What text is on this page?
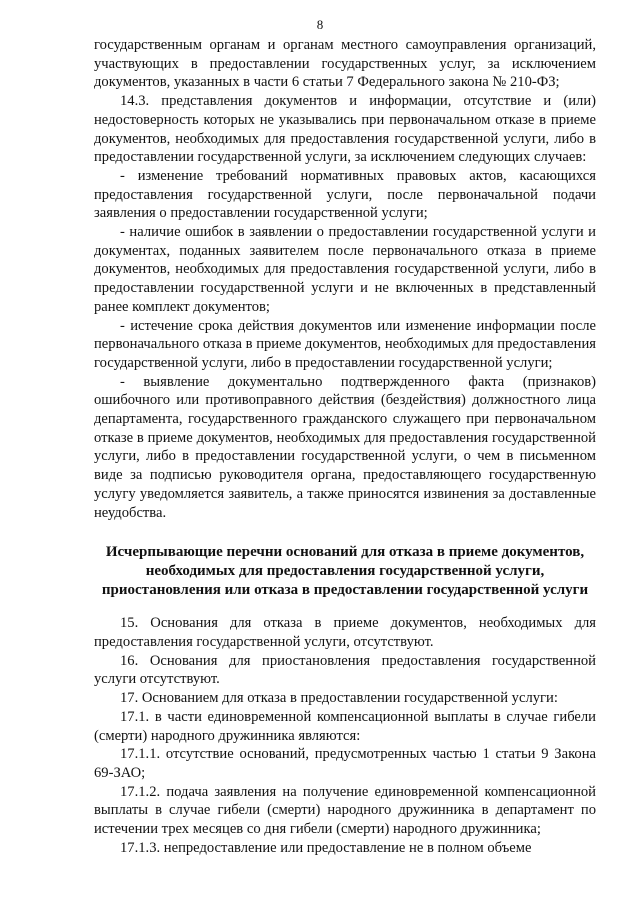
8

государственным органам и органам местного самоуправления организаций, участвующих в предоставлении государственных услуг, за исключением документов, указанных в части 6 статьи 7 Федерального закона № 210-ФЗ;

14.3. представления документов и информации, отсутствие и (или) недостоверность которых не указывались при первоначальном отказе в приеме документов, необходимых для предоставления государственной услуги, либо в предоставлении государственной услуги, за исключением следующих случаев:

- изменение требований нормативных правовых актов, касающихся предоставления государственной услуги, после первоначальной подачи заявления о предоставлении государственной услуги;

- наличие ошибок в заявлении о предоставлении государственной услуги и документах, поданных заявителем после первоначального отказа в приеме документов, необходимых для предоставления государственной услуги, либо в предоставлении государственной услуги и не включенных в представленный ранее комплект документов;

- истечение срока действия документов или изменение информации после первоначального отказа в приеме документов, необходимых для предоставления государственной услуги, либо в предоставлении государственной услуги;

- выявление документально подтвержденного факта (признаков) ошибочного или противоправного действия (бездействия) должностного лица департамента, государственного гражданского служащего при первоначальном отказе в приеме документов, необходимых для предоставления государственной услуги, либо в предоставлении государственной услуги, о чем в письменном виде за подписью руководителя органа, предоставляющего государственную услугу уведомляется заявитель, а также приносятся извинения за доставленные неудобства.

Исчерпывающие перечни оснований для отказа в приеме документов, необходимых для предоставления государственной услуги, приостановления или отказа в предоставлении государственной услуги

15. Основания для отказа в приеме документов, необходимых для предоставления государственной услуги, отсутствуют.

16. Основания для приостановления предоставления государственной услуги отсутствуют.

17. Основанием для отказа в предоставлении государственной услуги:

17.1. в части единовременной компенсационной выплаты в случае гибели (смерти) народного дружинника являются:

17.1.1. отсутствие оснований, предусмотренных частью 1 статьи 9 Закона 69-ЗАО;

17.1.2. подача заявления на получение единовременной компенсационной выплаты в случае гибели (смерти) народного дружинника в департамент по истечении трех месяцев со дня гибели (смерти) народного дружинника;

17.1.3. непредоставление или предоставление не в полном объеме
